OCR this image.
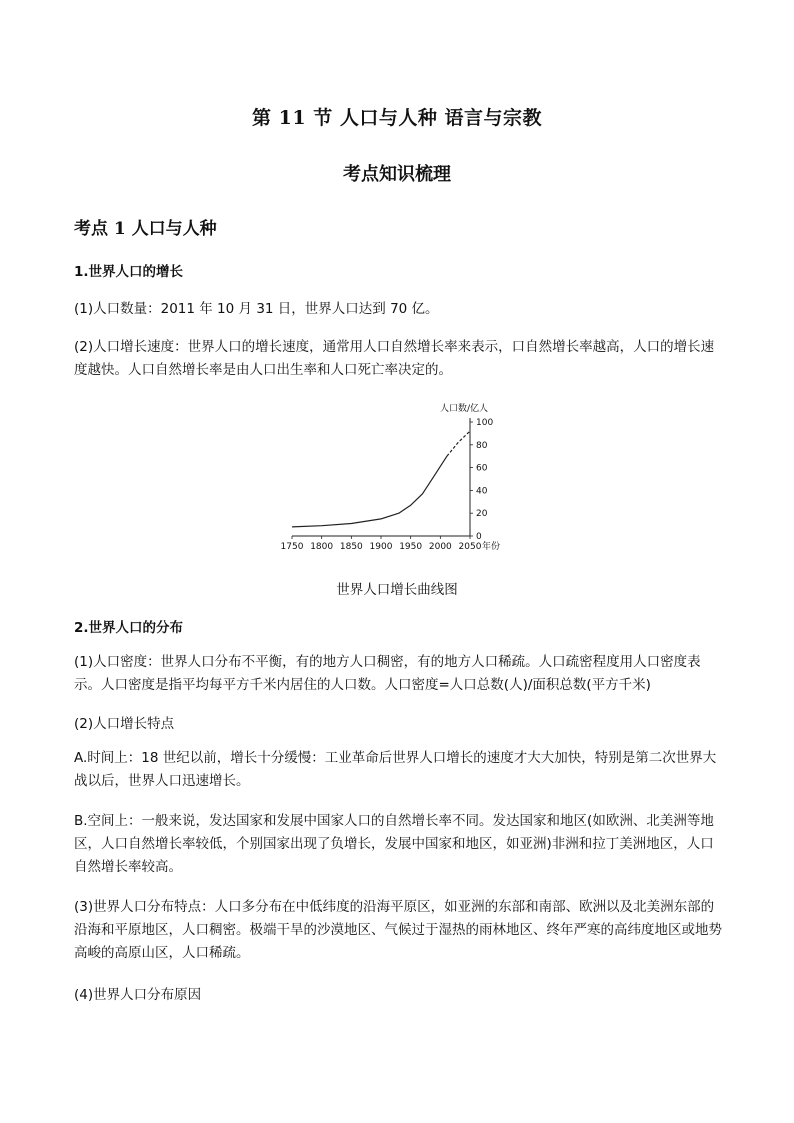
第 11 节 人口与人种 语言与宗教
考点知识梳理
考点 1 人口与人种
1.世界人口的增长
(1)人口数量：2011 年 10 月 31 日，世界人口达到 70 亿。
(2)人口增长速度：世界人口的增长速度，通常用人口自然增长率来表示，口自然增长率越高，人口的增长速度越快。人口自然增长率是由人口出生率和人口死亡率决定的。
1750 1800 1850 1900 1950 2000 2050 年份
0
20
40
60
80
100
人口数/亿人
世界人口增长曲线图
2.世界人口的分布
(1)人口密度：世界人口分布不平衡，有的地方人口稠密，有的地方人口稀疏。人口疏密程度用人口密度表示。人口密度是指平均每平方千米内居住的人口数。人口密度=人口总数(人)/面积总数(平方千米)
(2)人口增长特点
A.时间上：18 世纪以前，增长十分缓慢：工业革命后世界人口增长的速度才大大加快，特别是第二次世界大战以后，世界人口迅速增长。
B.空间上：一般来说，发达国家和发展中国家人口的自然增长率不同。发达国家和地区(如欧洲、北美洲等地区，人口自然增长率较低，个别国家出现了负增长，发展中国家和地区，如亚洲)非洲和拉丁美洲地区，人口自然增长率较高。
(3)世界人口分布特点：人口多分布在中低纬度的沿海平原区，如亚洲的东部和南部、欧洲以及北美洲东部的沿海和平原地区，人口稠密。极端干旱的沙漠地区、气候过于湿热的雨林地区、终年严寒的高纬度地区或地势高峻的高原山区，人口稀疏。
(4)世界人口分布原因
